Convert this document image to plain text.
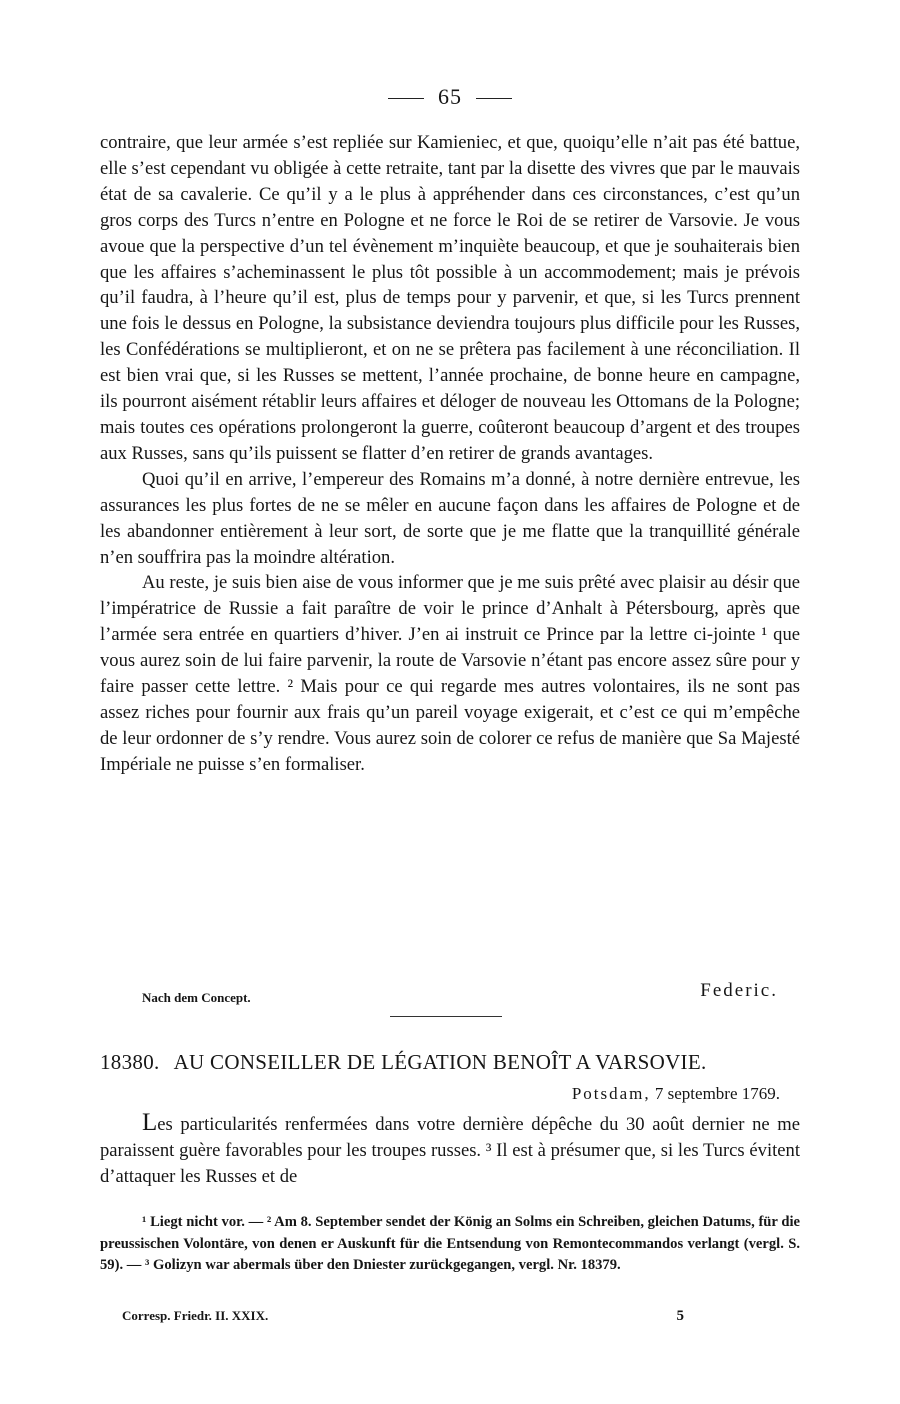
65

contraire, que leur armée s’est repliée sur Kamieniec, et que, quoiqu’elle n’ait pas été battue, elle s’est cependant vu obligée à cette retraite, tant par la disette des vivres que par le mauvais état de sa cavalerie. Ce qu’il y a le plus à appréhender dans ces circonstances, c’est qu’un gros corps des Turcs n’entre en Pologne et ne force le Roi de se retirer de Varsovie. Je vous avoue que la perspective d’un tel évènement m’inquiète beaucoup, et que je souhaiterais bien que les affaires s’acheminassent le plus tôt possible à un accommodement; mais je prévois qu’il faudra, à l’heure qu’il est, plus de temps pour y parvenir, et que, si les Turcs prennent une fois le dessus en Pologne, la subsistance deviendra toujours plus difficile pour les Russes, les Confédérations se multiplieront, et on ne se prêtera pas facilement à une réconciliation. Il est bien vrai que, si les Russes se mettent, l’année prochaine, de bonne heure en campagne, ils pourront aisément rétablir leurs affaires et déloger de nouveau les Ottomans de la Pologne; mais toutes ces opérations prolongeront la guerre, coûteront beaucoup d’argent et des troupes aux Russes, sans qu’ils puissent se flatter d’en retirer de grands avantages.

Quoi qu’il en arrive, l’empereur des Romains m’a donné, à notre dernière entrevue, les assurances les plus fortes de ne se mêler en aucune façon dans les affaires de Pologne et de les abandonner entièrement à leur sort, de sorte que je me flatte que la tranquillité générale n’en souffrira pas la moindre altération.

Au reste, je suis bien aise de vous informer que je me suis prêté avec plaisir au désir que l’impératrice de Russie a fait paraître de voir le prince d’Anhalt à Pétersbourg, après que l’armée sera entrée en quartiers d’hiver. J’en ai instruit ce Prince par la lettre ci-jointe ¹ que vous aurez soin de lui faire parvenir, la route de Varsovie n’étant pas encore assez sûre pour y faire passer cette lettre. ² Mais pour ce qui regarde mes autres volontaires, ils ne sont pas assez riches pour fournir aux frais qu’un pareil voyage exigerait, et c’est ce qui m’empêche de leur ordonner de s’y rendre. Vous aurez soin de colorer ce refus de manière que Sa Majesté Impériale ne puisse s’en formaliser.

Nach dem Concept.	Federic.
18380. AU CONSEILLER DE LÉGATION BENOÎT A VARSOVIE.
Potsdam, 7 septembre 1769.

Les particularités renfermées dans votre dernière dépêche du 30 août dernier ne me paraissent guère favorables pour les troupes russes. ³ Il est à présumer que, si les Turcs évitent d’attaquer les Russes et de

¹ Liegt nicht vor. — ² Am 8. September sendet der König an Solms ein Schreiben, gleichen Datums, für die preussischen Volontäre, von denen er Auskunft für die Entsendung von Remontecommandos verlangt (vergl. S. 59). — ³ Golizyn war abermals über den Dniester zurückgegangen, vergl. Nr. 18379.

Corresp. Friedr. II. XXIX.	5
